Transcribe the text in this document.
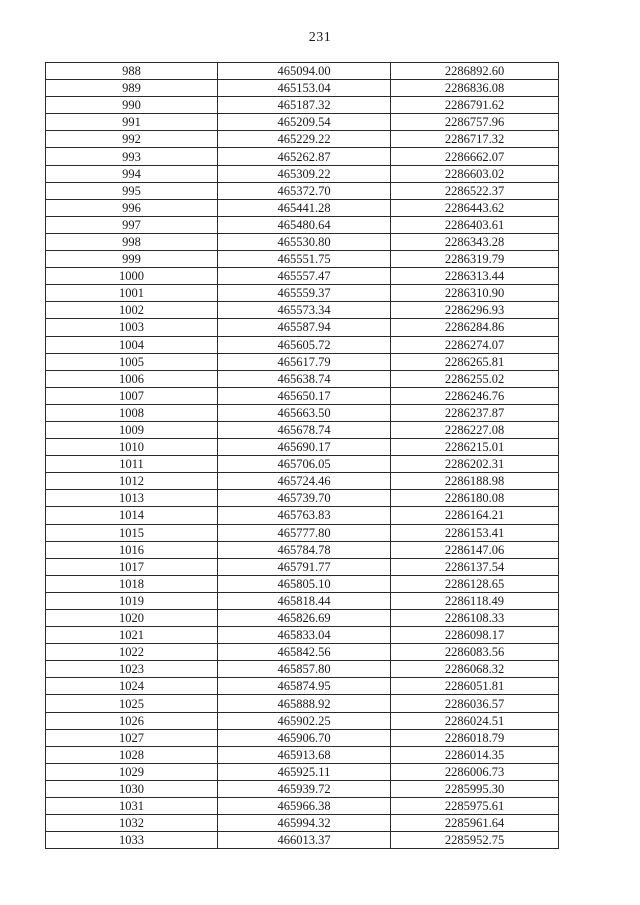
231
988	465094.00	2286892.60
989	465153.04	2286836.08
990	465187.32	2286791.62
991	465209.54	2286757.96
992	465229.22	2286717.32
993	465262.87	2286662.07
994	465309.22	2286603.02
995	465372.70	2286522.37
996	465441.28	2286443.62
997	465480.64	2286403.61
998	465530.80	2286343.28
999	465551.75	2286319.79
1000	465557.47	2286313.44
1001	465559.37	2286310.90
1002	465573.34	2286296.93
1003	465587.94	2286284.86
1004	465605.72	2286274.07
1005	465617.79	2286265.81
1006	465638.74	2286255.02
1007	465650.17	2286246.76
1008	465663.50	2286237.87
1009	465678.74	2286227.08
1010	465690.17	2286215.01
1011	465706.05	2286202.31
1012	465724.46	2286188.98
1013	465739.70	2286180.08
1014	465763.83	2286164.21
1015	465777.80	2286153.41
1016	465784.78	2286147.06
1017	465791.77	2286137.54
1018	465805.10	2286128.65
1019	465818.44	2286118.49
1020	465826.69	2286108.33
1021	465833.04	2286098.17
1022	465842.56	2286083.56
1023	465857.80	2286068.32
1024	465874.95	2286051.81
1025	465888.92	2286036.57
1026	465902.25	2286024.51
1027	465906.70	2286018.79
1028	465913.68	2286014.35
1029	465925.11	2286006.73
1030	465939.72	2285995.30
1031	465966.38	2285975.61
1032	465994.32	2285961.64
1033	466013.37	2285952.75
